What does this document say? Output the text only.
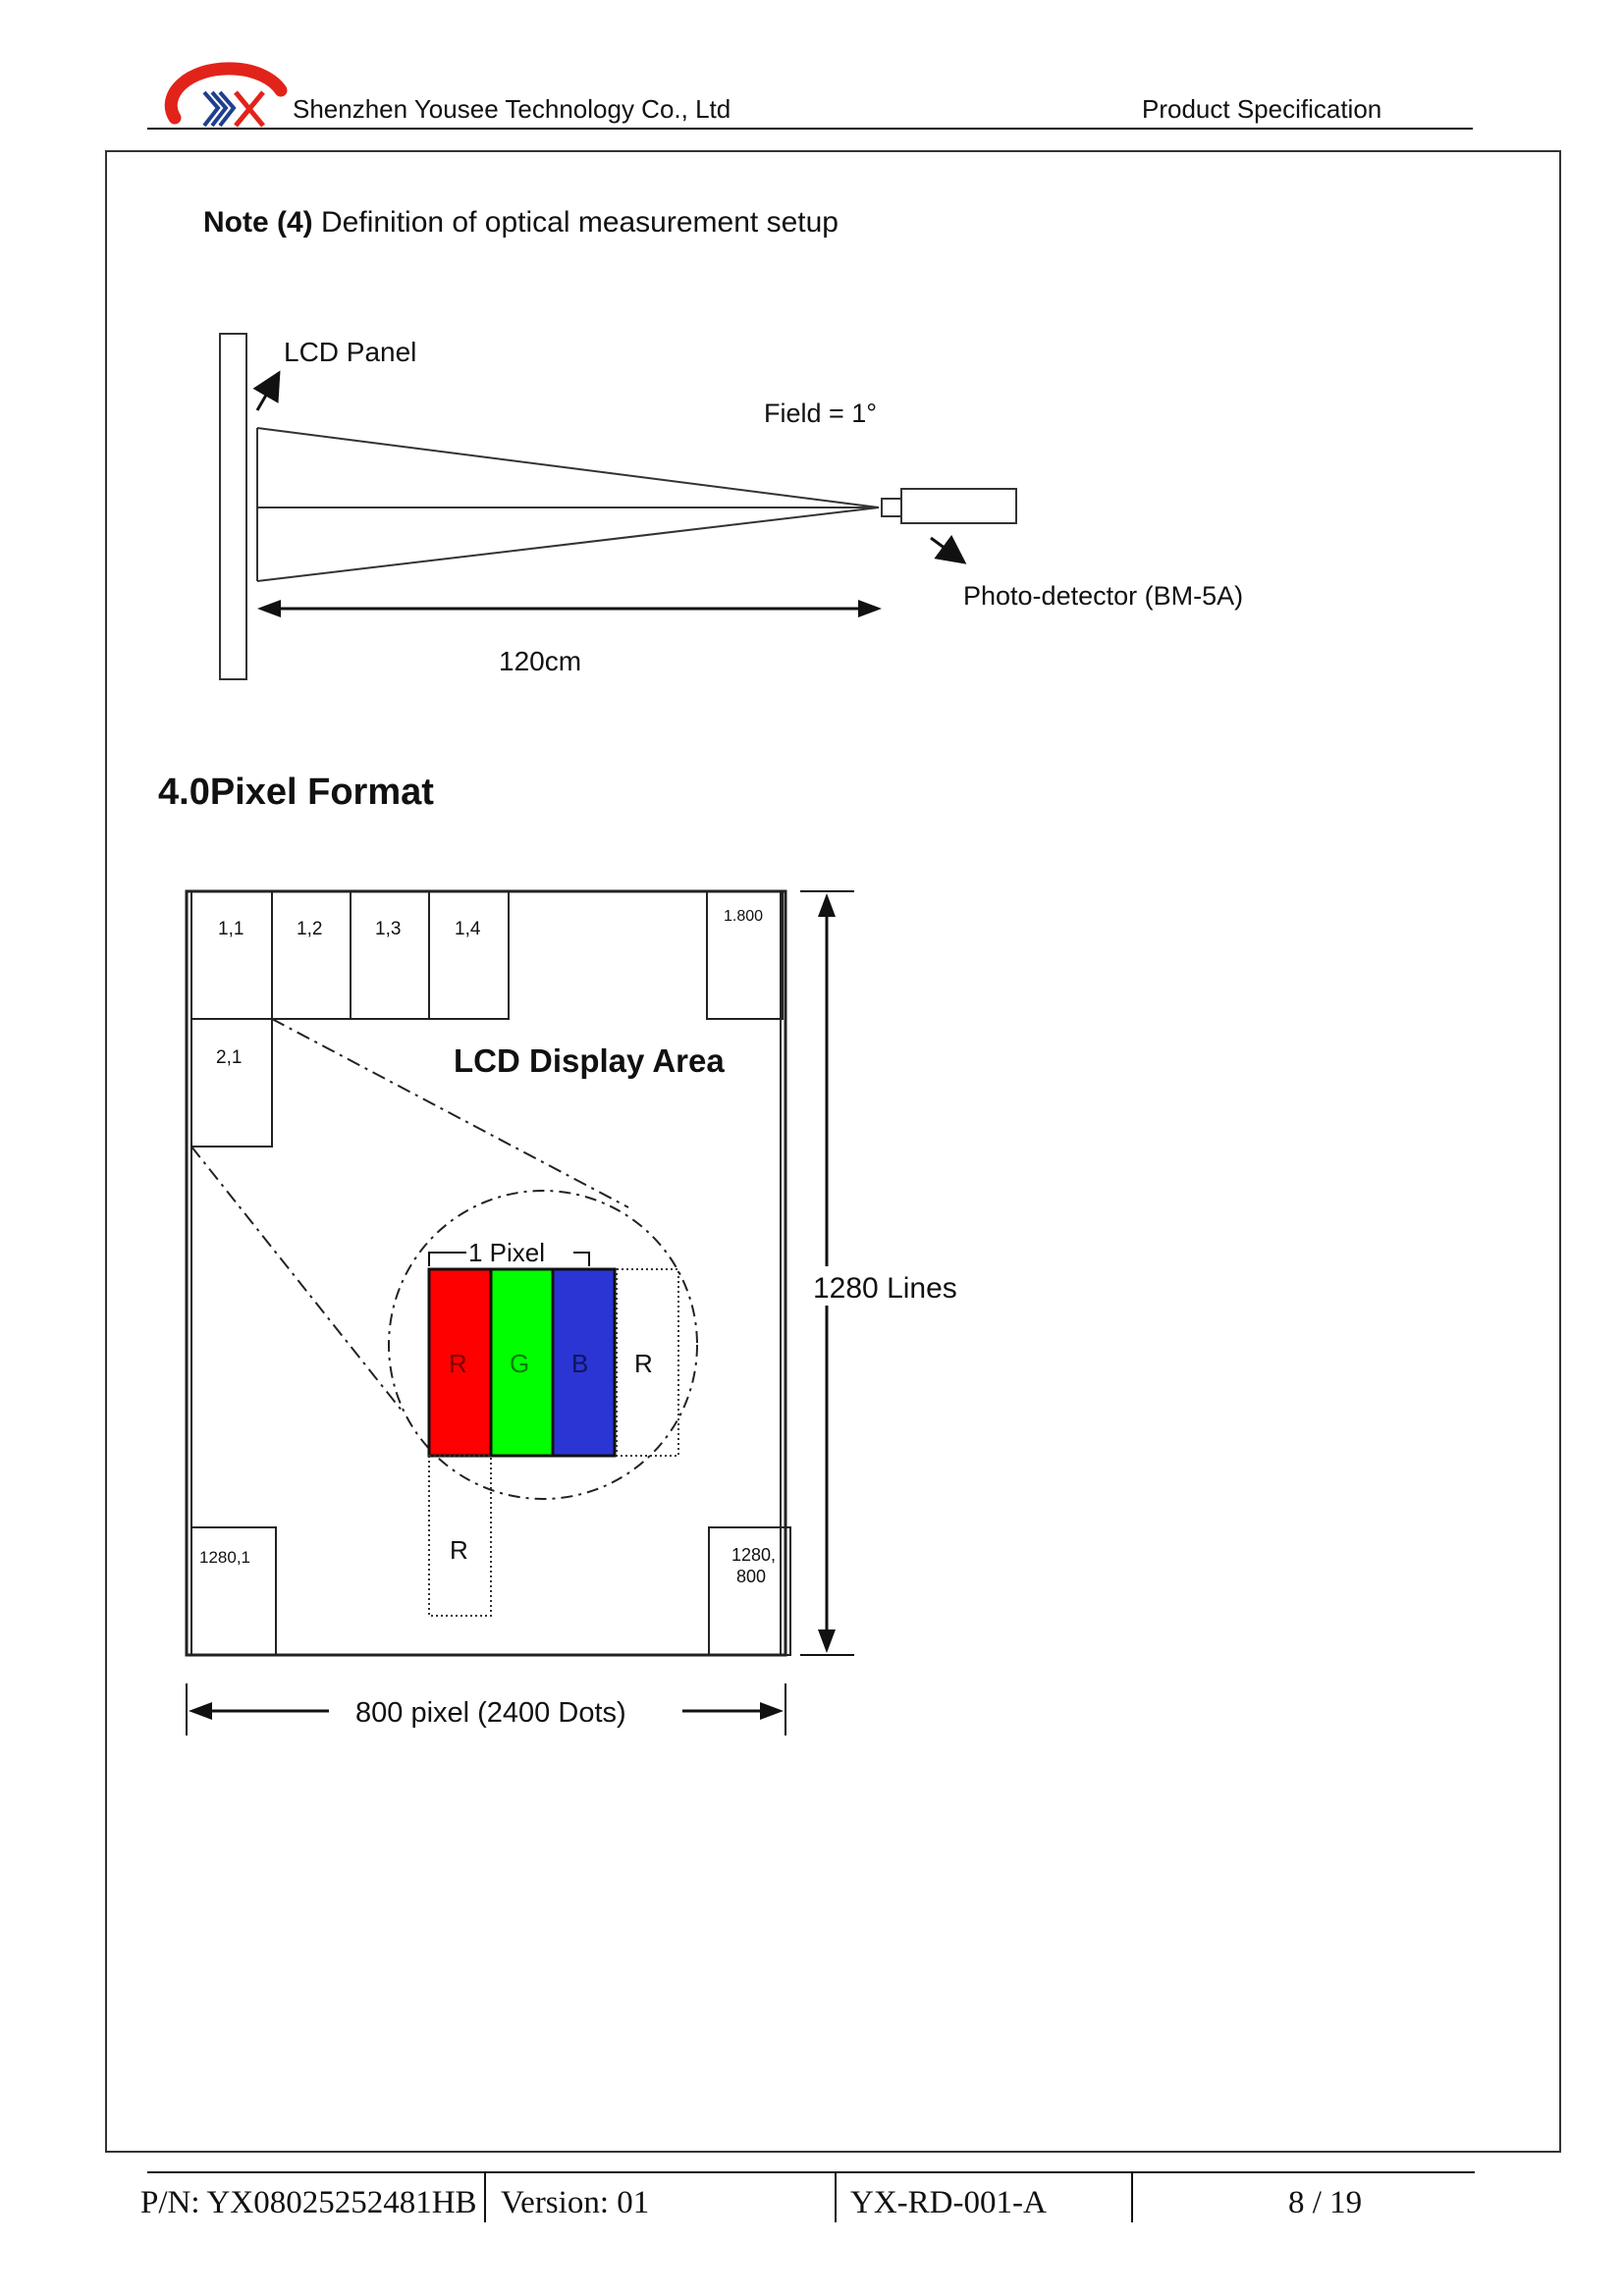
Shenzhen Yousee Technology Co., Ltd	Product Specification
Note (4) Definition of optical measurement setup
LCD Panel
Field = 1°
Photo-detector (BM-5A)
120cm
4.0Pixel Format
1,1	1,2	1,3	1,4
1.800
2,1
1280,1	1280,
800
LCD Display Area
1 Pixel
R G B R
R
1280 Lines
800 pixel (2400 Dots)
P/N: YX08025252481HB Version: 01	YX-RD-001-A	8 / 19
